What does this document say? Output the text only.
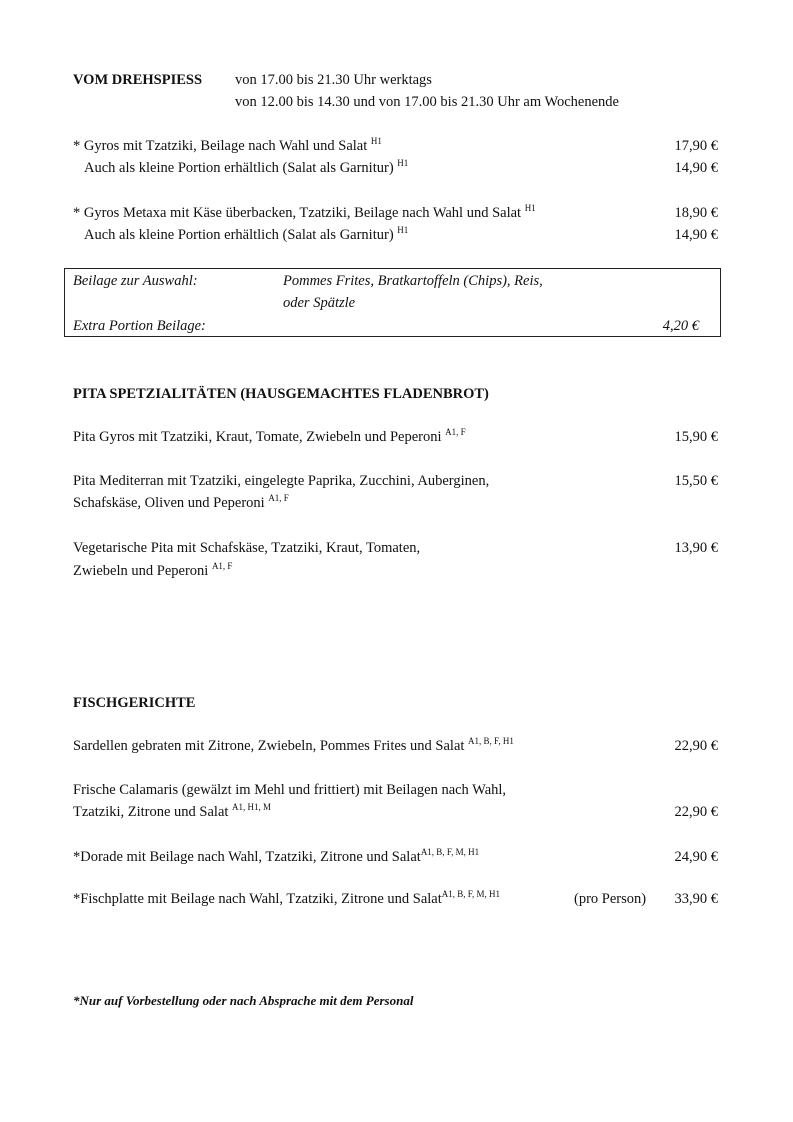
VOM DREHSPIESS von 17.00 bis 21.30 Uhr werktags
von 12.00 bis 14.30 und von 17.00 bis 21.30 Uhr am Wochenende
* Gyros mit Tzatziki, Beilage nach Wahl und Salat $^{H1}$	17,90 €
Auch als kleine Portion erhältlich (Salat als Garnitur) $^{H1}$	14,90 €
* Gyros Metaxa mit Käse überbacken, Tzatziki, Beilage nach Wahl und Salat $^{H1}$	18,90 €
Auch als kleine Portion erhältlich (Salat als Garnitur) $^{H1}$	14,90 €
Beilage zur Auswahl:	Pommes Frites, Bratkartoffeln (Chips), Reis,
oder Spätzle
Extra Portion Beilage:	4,20 €
PITA SPETZIALITÄTEN (HAUSGEMACHTES FLADENBROT)
Pita Gyros mit Tzatziki, Kraut, Tomate, Zwiebeln und Peperoni $^{A1, F}$	15,90 €
Pita Mediterran mit Tzatziki, eingelegte Paprika, Zucchini, Auberginen,
Schafskäse, Oliven und Peperoni $^{A1, F}$
15,50 €
Vegetarische Pita mit Schafskäse, Tzatziki, Kraut, Tomaten,
Zwiebeln und Peperoni $^{A1, F}$
13,90 €
FISCHGERICHTE
Sardellen gebraten mit Zitrone, Zwiebeln, Pommes Frites und Salat $^{A1, B, F, H1}$	22,90 €
Frische Calamaris (gewälzt im Mehl und frittiert) mit Beilagen nach Wahl,
Tzatziki, Zitrone und Salat $^{A1, H1, M}$	22,90 €
*Dorade mit Beilage nach Wahl, Tzatziki, Zitrone und Salat$^{A1, B, F, M, H1}$	24,90 €
*Fischplatte mit Beilage nach Wahl, Tzatziki, Zitrone und Salat$^{A1, B, F, M, H1}$	(pro Person) 33,90 €
*Nur auf Vorbestellung oder nach Absprache mit dem Personal
